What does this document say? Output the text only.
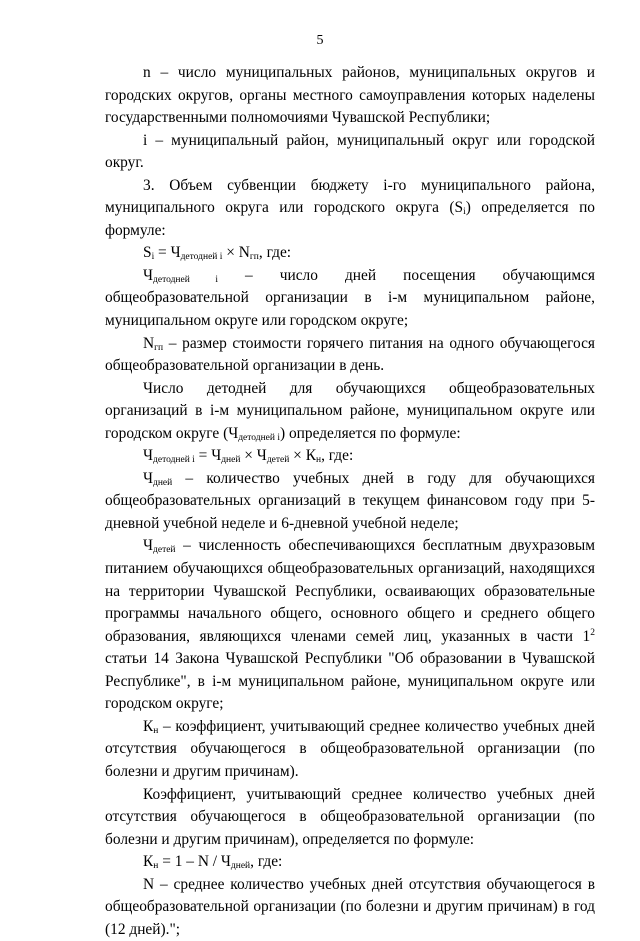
5

n – число муниципальных районов, муниципальных округов и городских округов, органы местного самоуправления которых наделены государственными полномочиями Чувашской Республики;

i – муниципальный район, муниципальный округ или городской округ.

3. Объем субвенции бюджету i-го муниципального района, муниципального округа или городского округа $(S_i)$ определяется по формуле:

$S_i = Ч_{детодней i} \times N_{гп}$, где:

$Ч_{детодней i}$ – число дней посещения обучающимся общеобразовательной организации в i-м муниципальном районе, муниципальном округе или городском округе;

$N_{гп}$ – размер стоимости горячего питания на одного обучающегося общеобразовательной организации в день.

Число детодней для обучающихся общеобразовательных организаций в i-м муниципальном районе, муниципальном округе или городском округе $(Ч_{детодней i})$ определяется по формуле:

$Ч_{детодней i} = Ч_{дней} \times Ч_{детей} \times К_н$, где:

$Ч_{дней}$ – количество учебных дней в году для обучающихся общеобразовательных организаций в текущем финансовом году при 5-дневной учебной неделе и 6-дневной учебной неделе;

$Ч_{детей}$ – численность обеспечивающихся бесплатным двухразовым питанием обучающихся общеобразовательных организаций, находящихся на территории Чувашской Республики, осваивающих образовательные программы начального общего, основного общего и среднего общего образования, являющихся членами семей лиц, указанных в части $1^2$ статьи 14 Закона Чувашской Республики "Об образовании в Чувашской Республике", в i-м муниципальном районе, муниципальном округе или городском округе;

$К_н$ – коэффициент, учитывающий среднее количество учебных дней отсутствия обучающегося в общеобразовательной организации (по болезни и другим причинам).

Коэффициент, учитывающий среднее количество учебных дней отсутствия обучающегося в общеобразовательной организации (по болезни и другим причинам), определяется по формуле:

$К_н = 1 - N / Ч_{дней}$, где:

N – среднее количество учебных дней отсутствия обучающегося в общеобразовательной организации (по болезни и другим причинам) в год (12 дней).";
